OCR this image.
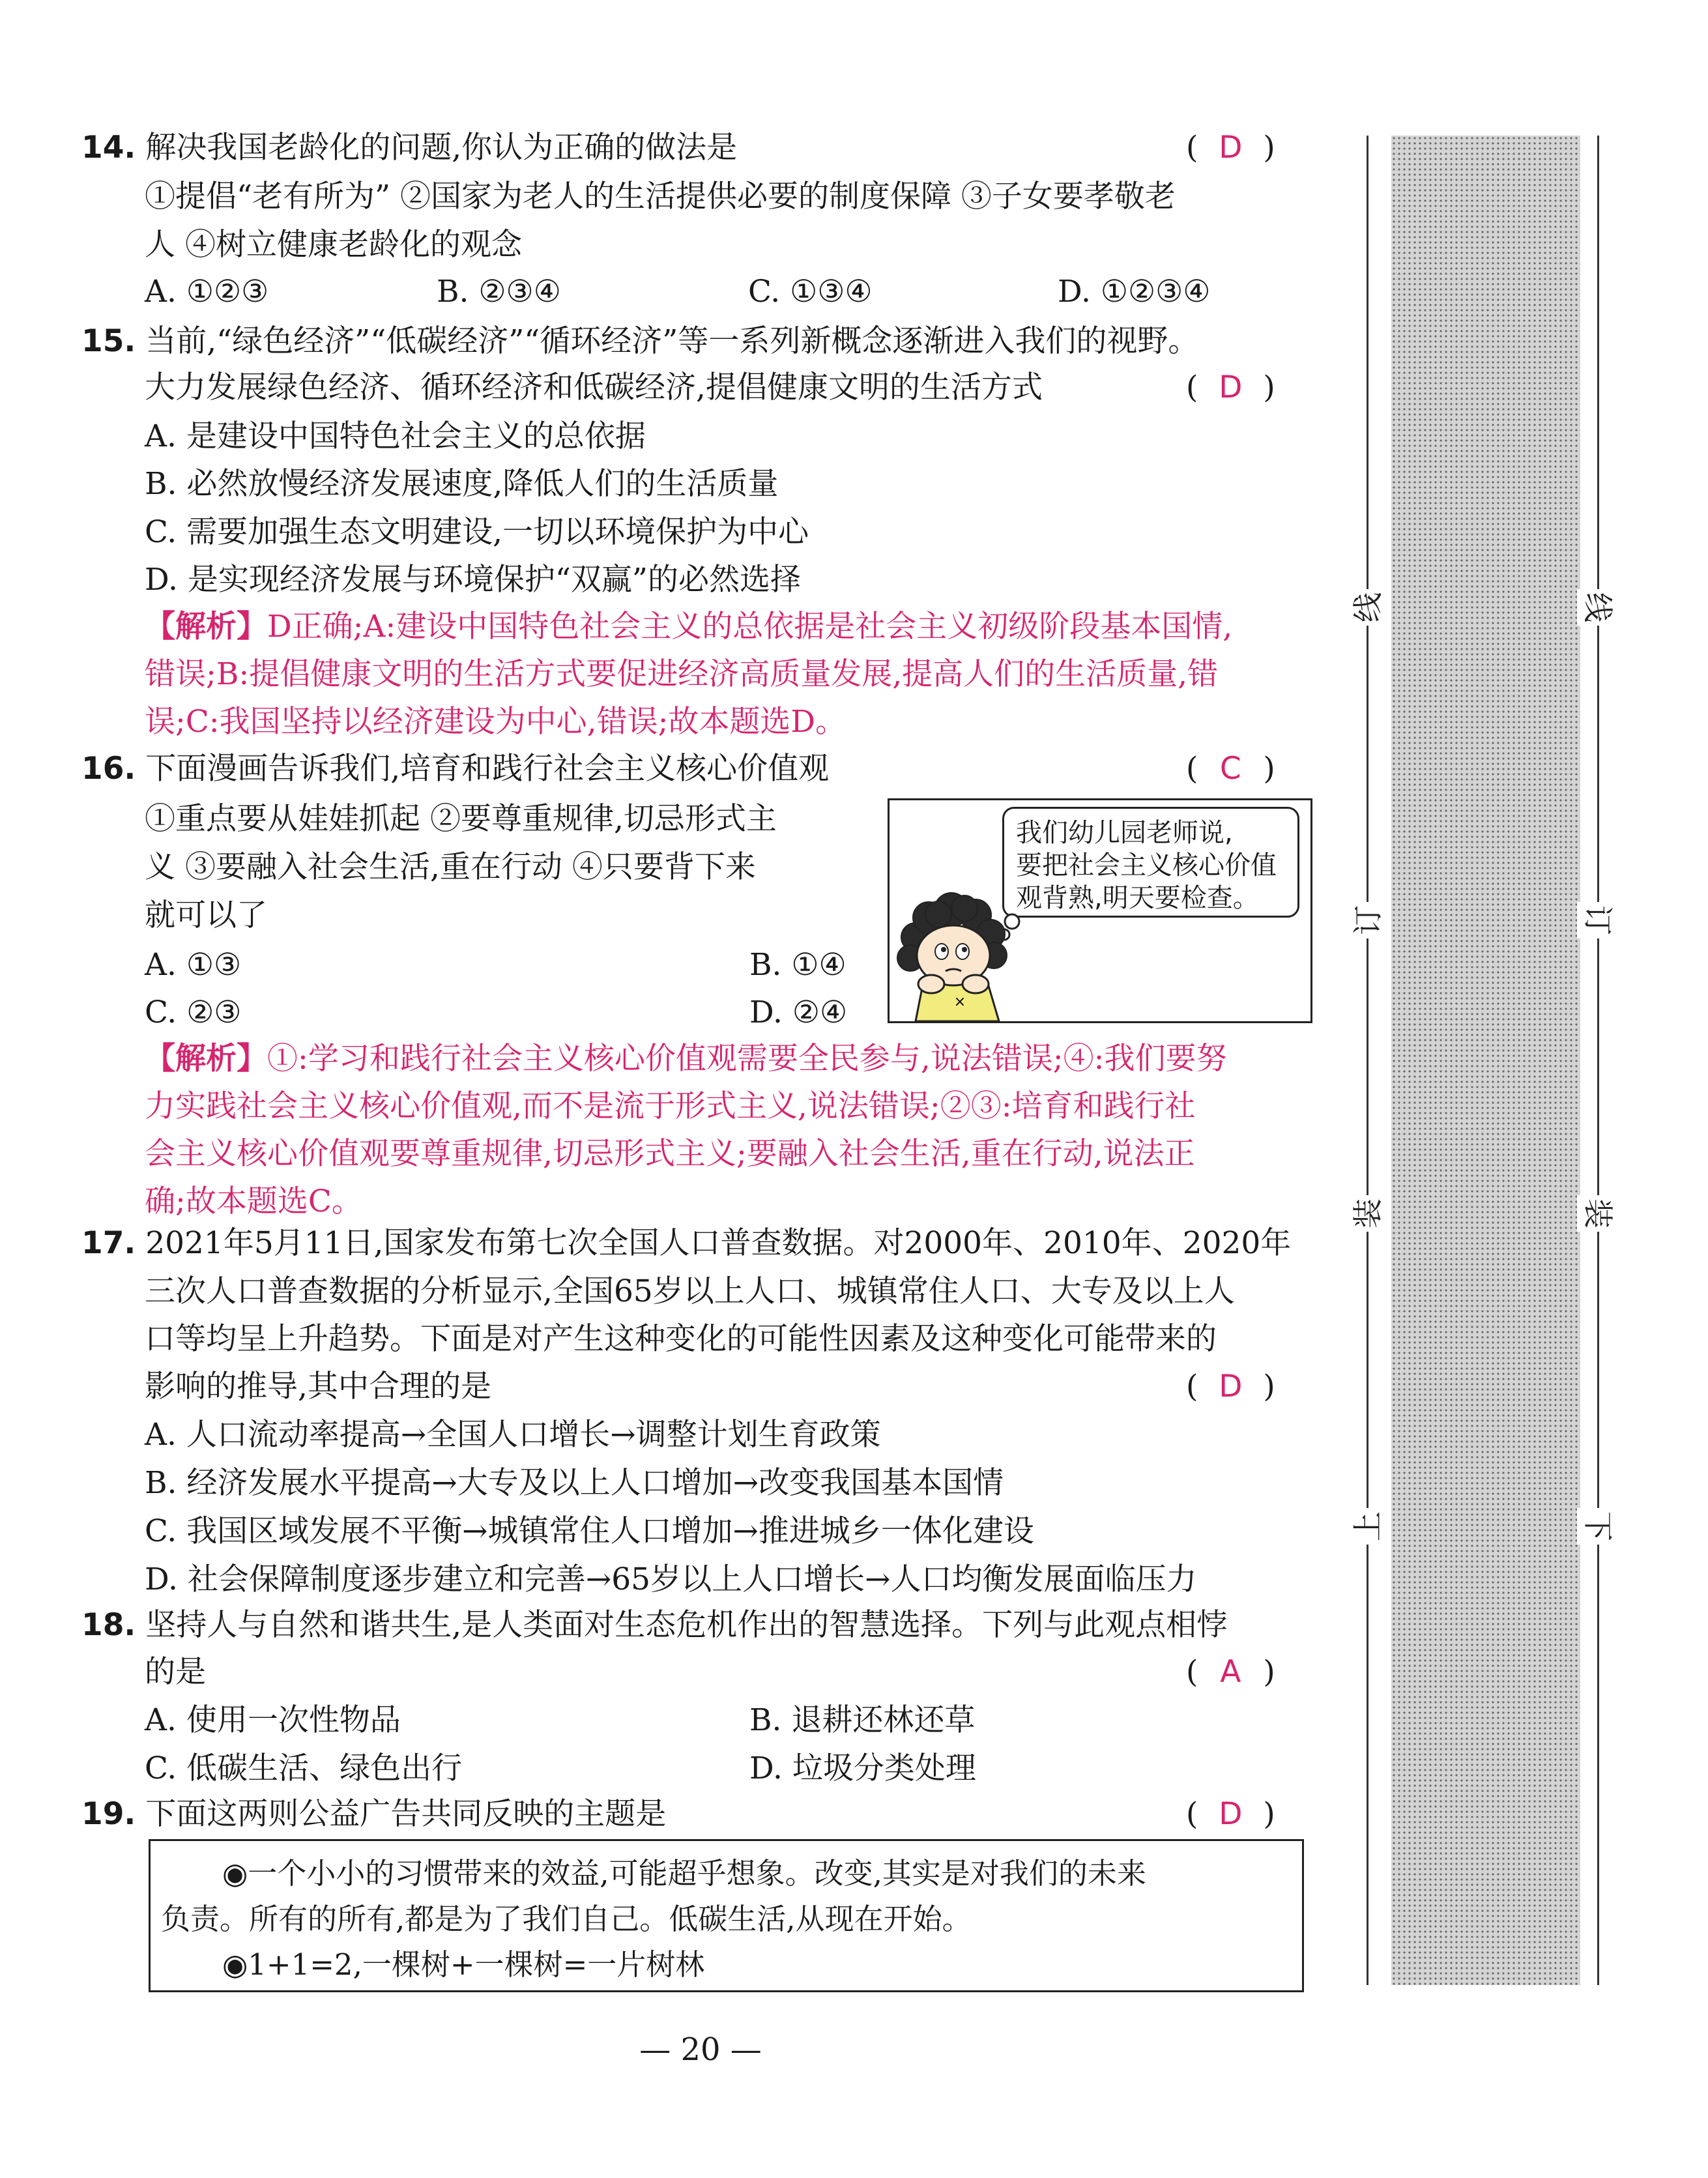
14. 解决我国老龄化的问题,你认为正确的做法是	( D )
①提倡“老有所为” ②国家为老人的生活提供必要的制度保障 ③子女要孝敬老
人 ④树立健康老龄化的观念
A. ①②③	B. ②③④	C. ①③④	D. ①②③④
15. 当前,“绿色经济”“低碳经济”“循环经济”等一系列新概念逐渐进入我们的视野。
大力发展绿色经济、循环经济和低碳经济,提倡健康文明的生活方式	( D )
A. 是建设中国特色社会主义的总依据
B. 必然放慢经济发展速度,降低人们的生活质量
C. 需要加强生态文明建设,一切以环境保护为中心
D. 是实现经济发展与环境保护“双赢”的必然选择
【解析】D正确;A:建设中国特色社会主义的总依据是社会主义初级阶段基本国情,
错误;B:提倡健康文明的生活方式要促进经济高质量发展,提高人们的生活质量,错
误;C:我国坚持以经济建设为中心,错误;故本题选D。
16. 下面漫画告诉我们,培育和践行社会主义核心价值观	( C )
①重点要从娃娃抓起 ②要尊重规律,切忌形式主
义 ③要融入社会生活,重在行动 ④只要背下来
就可以了
A. ①③	B. ①④
C. ②③	D. ②④
我们幼儿园老师说,
要把社会主义核心价值
观背熟,明天要检查。
×
【解析】①:学习和践行社会主义核心价值观需要全民参与,说法错误;④:我们要努
力实践社会主义核心价值观,而不是流于形式主义,说法错误;②③:培育和践行社
会主义核心价值观要尊重规律,切忌形式主义;要融入社会生活,重在行动,说法正
确;故本题选C。
17. 2021年5月11日,国家发布第七次全国人口普查数据。对2000年、2010年、2020年
三次人口普查数据的分析显示,全国65岁以上人口、城镇常住人口、大专及以上人
口等均呈上升趋势。下面是对产生这种变化的可能性因素及这种变化可能带来的
影响的推导,其中合理的是	( D )
A. 人口流动率提高→全国人口增长→调整计划生育政策
B. 经济发展水平提高→大专及以上人口增加→改变我国基本国情
C. 我国区域发展不平衡→城镇常住人口增加→推进城乡一体化建设
D. 社会保障制度逐步建立和完善→65岁以上人口增长→人口均衡发展面临压力
18. 坚持人与自然和谐共生,是人类面对生态危机作出的智慧选择。下列与此观点相悖
的是	( A )
A. 使用一次性物品	B. 退耕还林还草
C. 低碳生活、绿色出行	D. 垃圾分类处理
19. 下面这两则公益广告共同反映的主题是	( D )
◉一个小小的习惯带来的效益,可能超乎想象。改变,其实是对我们的未来
负责。所有的所有,都是为了我们自己。低碳生活,从现在开始。
◉1+1=2,一棵树+一棵树=一片树林
— 20 —
线
订
装
上
线
订
装
下
